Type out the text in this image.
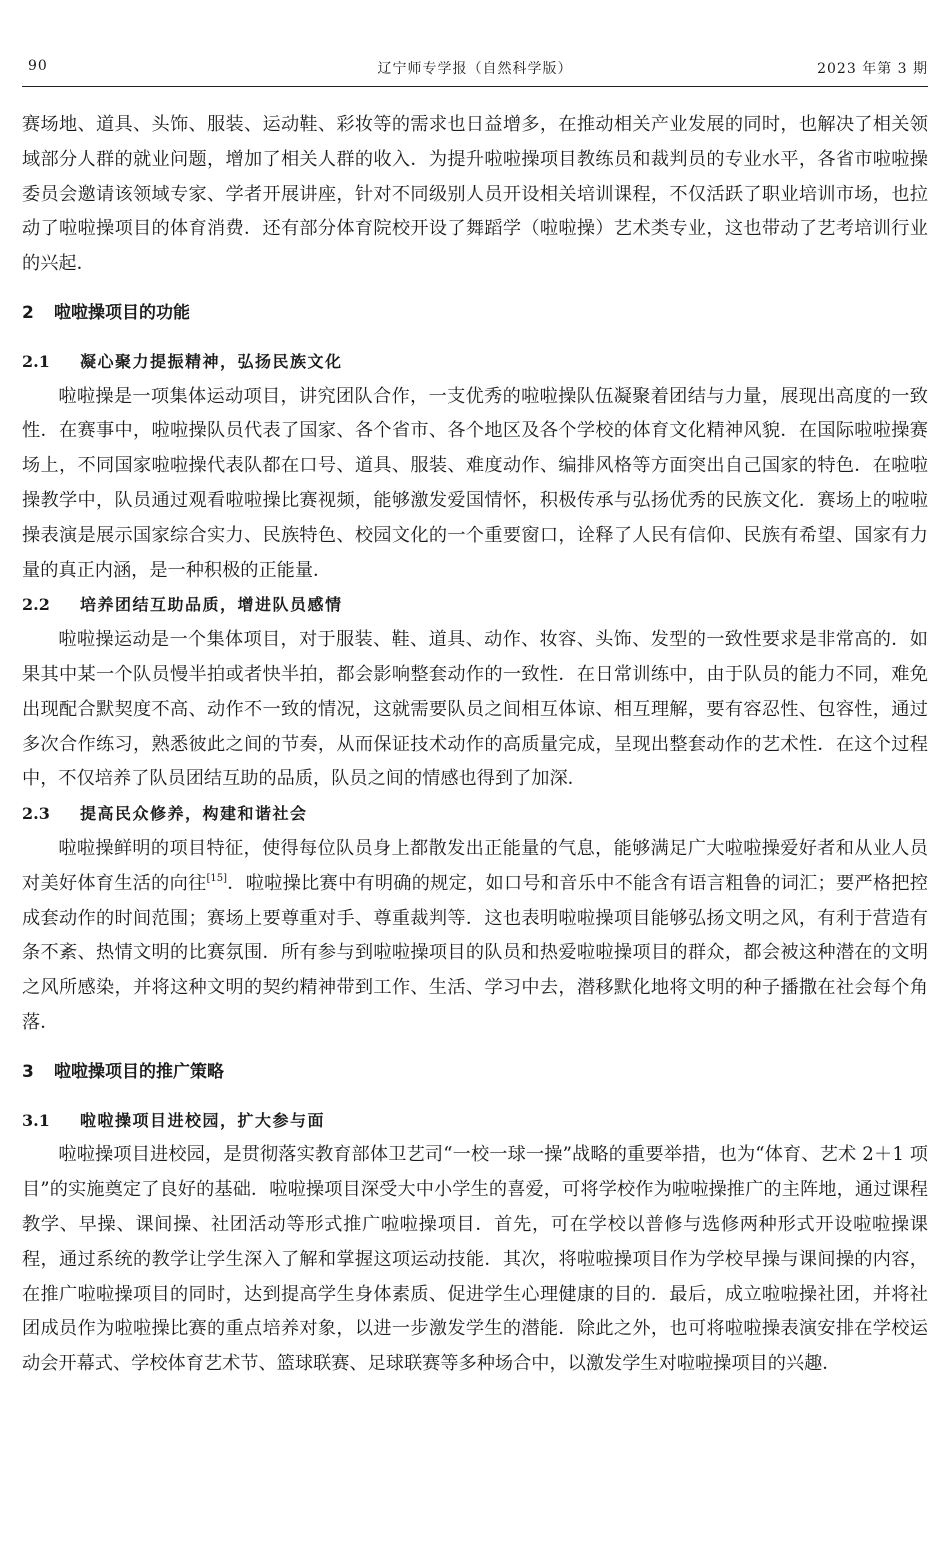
90	辽宁师专学报（自然科学版）	2023 年第 3 期

赛场地、道具、头饰、服装、运动鞋、彩妆等的需求也日益增多，在推动相关产业发展的同时，也解决了相关领域部分人群的就业问题，增加了相关人群的收入．为提升啦啦操项目教练员和裁判员的专业水平，各省市啦啦操委员会邀请该领域专家、学者开展讲座，针对不同级别人员开设相关培训课程，不仅活跃了职业培训市场，也拉动了啦啦操项目的体育消费．还有部分体育院校开设了舞蹈学（啦啦操）艺术类专业，这也带动了艺考培训行业的兴起．

2 啦啦操项目的功能
2.1 凝心聚力提振精神，弘扬民族文化

啦啦操是一项集体运动项目，讲究团队合作，一支优秀的啦啦操队伍凝聚着团结与力量，展现出高度的一致性．在赛事中，啦啦操队员代表了国家、各个省市、各个地区及各个学校的体育文化精神风貌．在国际啦啦操赛场上，不同国家啦啦操代表队都在口号、道具、服装、难度动作、编排风格等方面突出自己国家的特色．在啦啦操教学中，队员通过观看啦啦操比赛视频，能够激发爱国情怀，积极传承与弘扬优秀的民族文化．赛场上的啦啦操表演是展示国家综合实力、民族特色、校园文化的一个重要窗口，诠释了人民有信仰、民族有希望、国家有力量的真正内涵，是一种积极的正能量．

2.2 培养团结互助品质，增进队员感情

啦啦操运动是一个集体项目，对于服装、鞋、道具、动作、妆容、头饰、发型的一致性要求是非常高的．如果其中某一个队员慢半拍或者快半拍，都会影响整套动作的一致性．在日常训练中，由于队员的能力不同，难免出现配合默契度不高、动作不一致的情况，这就需要队员之间相互体谅、相互理解，要有容忍性、包容性，通过多次合作练习，熟悉彼此之间的节奏，从而保证技术动作的高质量完成，呈现出整套动作的艺术性．在这个过程中，不仅培养了队员团结互助的品质，队员之间的情感也得到了加深．

2.3 提高民众修养，构建和谐社会

啦啦操鲜明的项目特征，使得每位队员身上都散发出正能量的气息，能够满足广大啦啦操爱好者和从业人员对美好体育生活的向往[15]．啦啦操比赛中有明确的规定，如口号和音乐中不能含有语言粗鲁的词汇；要严格把控成套动作的时间范围；赛场上要尊重对手、尊重裁判等．这也表明啦啦操项目能够弘扬文明之风，有利于营造有条不紊、热情文明的比赛氛围．所有参与到啦啦操项目的队员和热爱啦啦操项目的群众，都会被这种潜在的文明之风所感染，并将这种文明的契约精神带到工作、生活、学习中去，潜移默化地将文明的种子播撒在社会每个角落．

3 啦啦操项目的推广策略
3.1 啦啦操项目进校园，扩大参与面

啦啦操项目进校园，是贯彻落实教育部体卫艺司“一校一球一操”战略的重要举措，也为“体育、艺术 2＋1 项目”的实施奠定了良好的基础．啦啦操项目深受大中小学生的喜爱，可将学校作为啦啦操推广的主阵地，通过课程教学、早操、课间操、社团活动等形式推广啦啦操项目．首先，可在学校以普修与选修两种形式开设啦啦操课程，通过系统的教学让学生深入了解和掌握这项运动技能．其次，将啦啦操项目作为学校早操与课间操的内容，在推广啦啦操项目的同时，达到提高学生身体素质、促进学生心理健康的目的．最后，成立啦啦操社团，并将社团成员作为啦啦操比赛的重点培养对象，以进一步激发学生的潜能．除此之外，也可将啦啦操表演安排在学校运动会开幕式、学校体育艺术节、篮球联赛、足球联赛等多种场合中，以激发学生对啦啦操项目的兴趣．
